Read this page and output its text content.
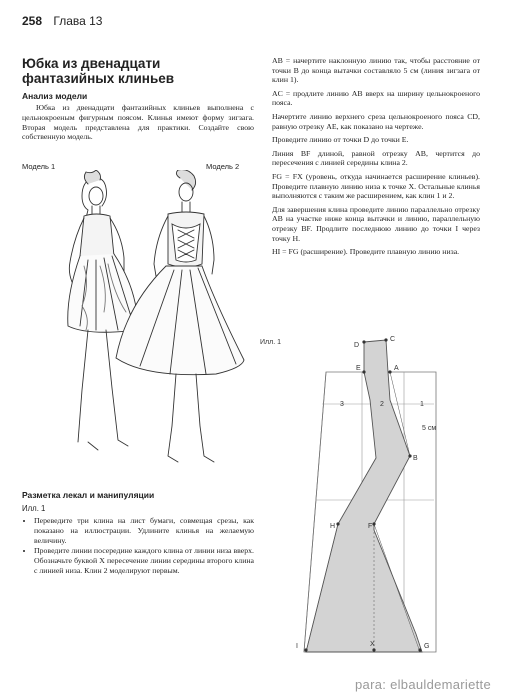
258 Глава 13
Юбка из двенадцати фантазийных клиньев
Анализ модели

Юбка из двенадцати фантазийных клиньев выполнена с цельнокроеным фигурным поясом. Клинья имеют форму зигзага. Вторая модель представлена для практики. Создайте свою собственную модель.

Модель 1	Модель 2

AB = начертите наклонную линию так, чтобы расстояние от точки B до конца вытачки составляло 5 см (линия зигзага от клин 1).

AC = продлите линию AB вверх на ширину цельнокроеного пояса.

Начертите линию верхнего среза цельнокроеного пояса CD, равную отрезку AE, как показано на чертеже.

Проведите линию от точки D до точки E.

Линия BF длиной, равной отрезку AB, чертится до пересечения с линией середины клина 2.

FG = FX (уровень, откуда начинается расширение клиньев). Проведите плавную линию низа к точке X. Остальные клинья выполняются с таким же расширением, как клин 1 и 2.

Для завершения клина проведите линию параллельно отрезку AB на участке ниже конца вытачки и линию, параллельную отрезку BF. Продлите последнюю линию до точки I через точку H.

HI = FG (расширение). Проведите плавную линию низа.

Разметка лекал и манипуляции
Илл. 1
• Переведите три клина на лист бумаги, совмещая срезы, как показано на иллюстрации. Удлините клинья на желаемую величину.
• Проведите линии посередине каждого клина от линии низа вверх. Обозначьте буквой X пересечение линии середины второго клина с линией низа. Клин 2 моделируют первым.
Илл. 1	D
C
E	A
B
H	F
I	X	G
3	2	1
5 см
para: elbauldemariette
